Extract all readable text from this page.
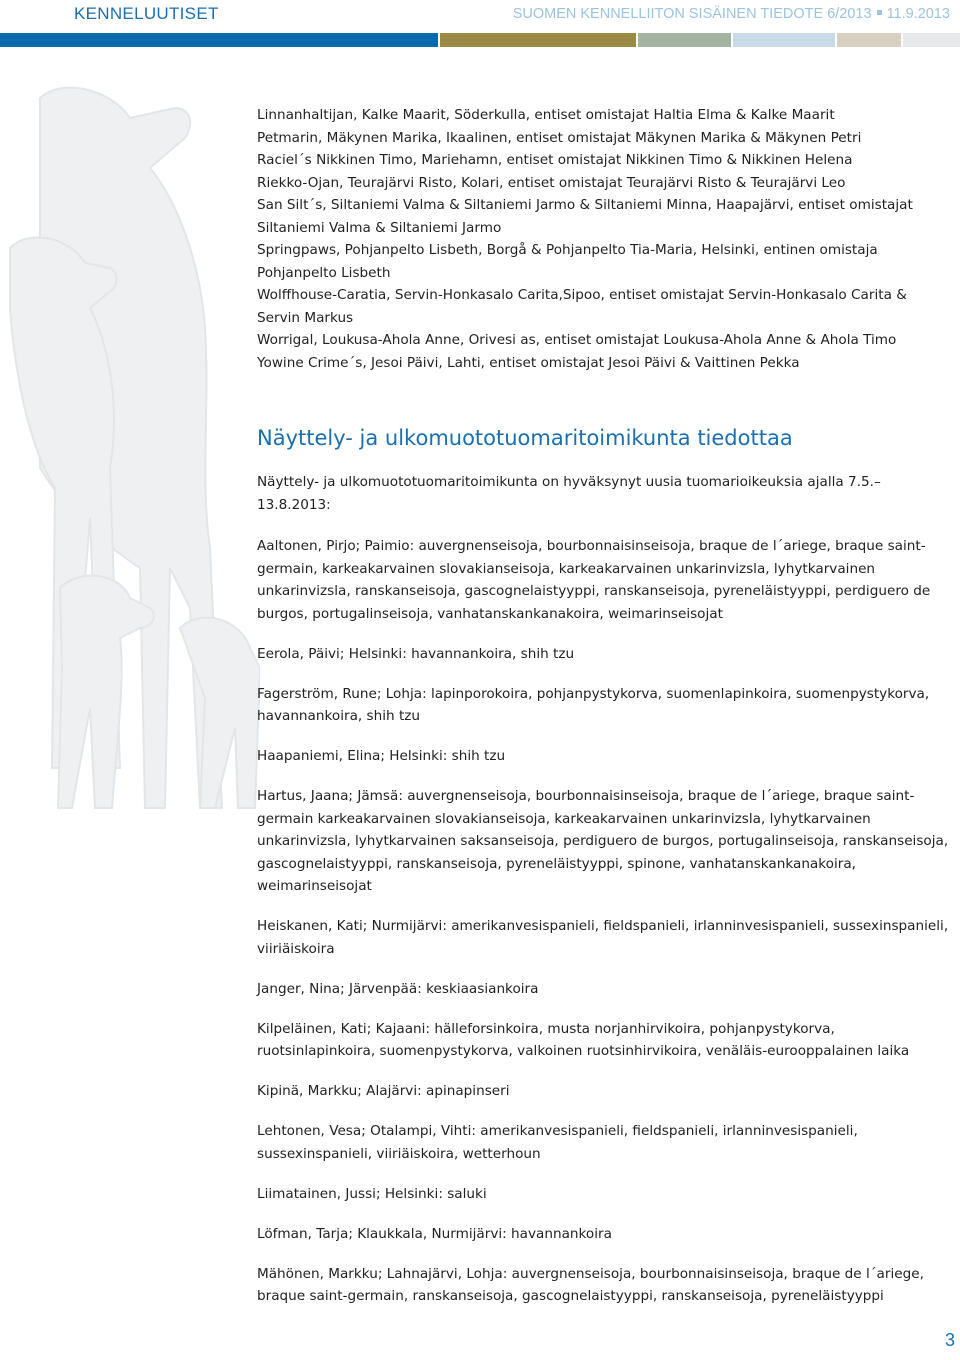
KENNELUUTISET	SUOMEN KENNELLIITON SISÄINEN TIEDOTE 6/2013 11.9.2013
Linnanhaltijan, Kalke Maarit, Söderkulla, entiset omistajat Haltia Elma & Kalke Maarit
Petmarin, Mäkynen Marika, Ikaalinen, entiset omistajat Mäkynen Marika & Mäkynen Petri
Raciel´s Nikkinen Timo, Mariehamn, entiset omistajat Nikkinen Timo & Nikkinen Helena
Riekko-Ojan, Teurajärvi Risto, Kolari, entiset omistajat Teurajärvi Risto & Teurajärvi Leo
San Silt´s, Siltaniemi Valma & Siltaniemi Jarmo & Siltaniemi Minna, Haapajärvi, entiset omistajat Siltaniemi Valma & Siltaniemi Jarmo
Springpaws, Pohjanpelto Lisbeth, Borgå & Pohjanpelto Tia-Maria, Helsinki, entinen omistaja Pohjanpelto Lisbeth
Wolffhouse-Caratia, Servin-Honkasalo Carita,Sipoo, entiset omistajat Servin-Honkasalo Carita & Servin Markus
Worrigal, Loukusa-Ahola Anne, Orivesi as, entiset omistajat Loukusa-Ahola Anne & Ahola Timo
Yowine Crime´s, Jesoi Päivi, Lahti, entiset omistajat Jesoi Päivi & Vaittinen Pekka
Näyttely- ja ulkomuototuomaritoimikunta tiedottaa
Näyttely- ja ulkomuototuomaritoimikunta on hyväksynyt uusia tuomarioikeuksia ajalla 7.5.–13.8.2013:

Aaltonen, Pirjo; Paimio: auvergnenseisoja, bourbonnaisinseisoja, braque de l´ariege, braque saint-germain, karkeakarvainen slovakianseisoja, karkeakarvainen unkarinvizsla, lyhytkarvainen unkarinvizsla, ranskanseisoja, gascognelaistyyppi, ranskanseisoja, pyreneläistyyppi, perdiguero de burgos, portugalinseisoja, vanhatanskankanakoira, weimarinseisojat

Eerola, Päivi; Helsinki: havannankoira, shih tzu

Fagerström, Rune; Lohja: lapinporokoira, pohjanpystykorva, suomenlapinkoira, suomenpystykorva, havannankoira, shih tzu

Haapaniemi, Elina; Helsinki: shih tzu

Hartus, Jaana; Jämsä: auvergnenseisoja, bourbonnaisinseisoja, braque de l´ariege, braque saint-germain karkeakarvainen slovakianseisoja, karkeakarvainen unkarinvizsla, lyhytkarvainen unkarinvizsla, lyhytkarvainen saksanseisoja, perdiguero de burgos, portugalinseisoja, ranskanseisoja, gascognelaistyyppi, ranskanseisoja, pyreneläistyyppi, spinone, vanhatanskankanakoira, weimarinseisojat

Heiskanen, Kati; Nurmijärvi: amerikanvesispanieli, fieldspanieli, irlanninvesispanieli, sussexinspanieli, viiriäiskoira

Janger, Nina; Järvenpää: keskiaasiankoira

Kilpeläinen, Kati; Kajaani: hälleforsinkoira, musta norjanhirvikoira, pohjanpystykorva, ruotsinlapinkoira, suomenpystykorva, valkoinen ruotsinhirvikoira, venäläis-eurooppalainen laika

Kipinä, Markku; Alajärvi: apinapinseri

Lehtonen, Vesa; Otalampi, Vihti: amerikanvesispanieli, fieldspanieli, irlanninvesispanieli, sussexinspanieli, viiriäiskoira, wetterhoun

Liimatainen, Jussi; Helsinki: saluki

Löfman, Tarja; Klaukkala, Nurmijärvi: havannankoira

Mähönen, Markku; Lahnajärvi, Lohja: auvergnenseisoja, bourbonnaisinseisoja, braque de l´ariege, braque saint-germain, ranskanseisoja, gascognelaistyyppi, ranskanseisoja, pyreneläistyyppi

3
